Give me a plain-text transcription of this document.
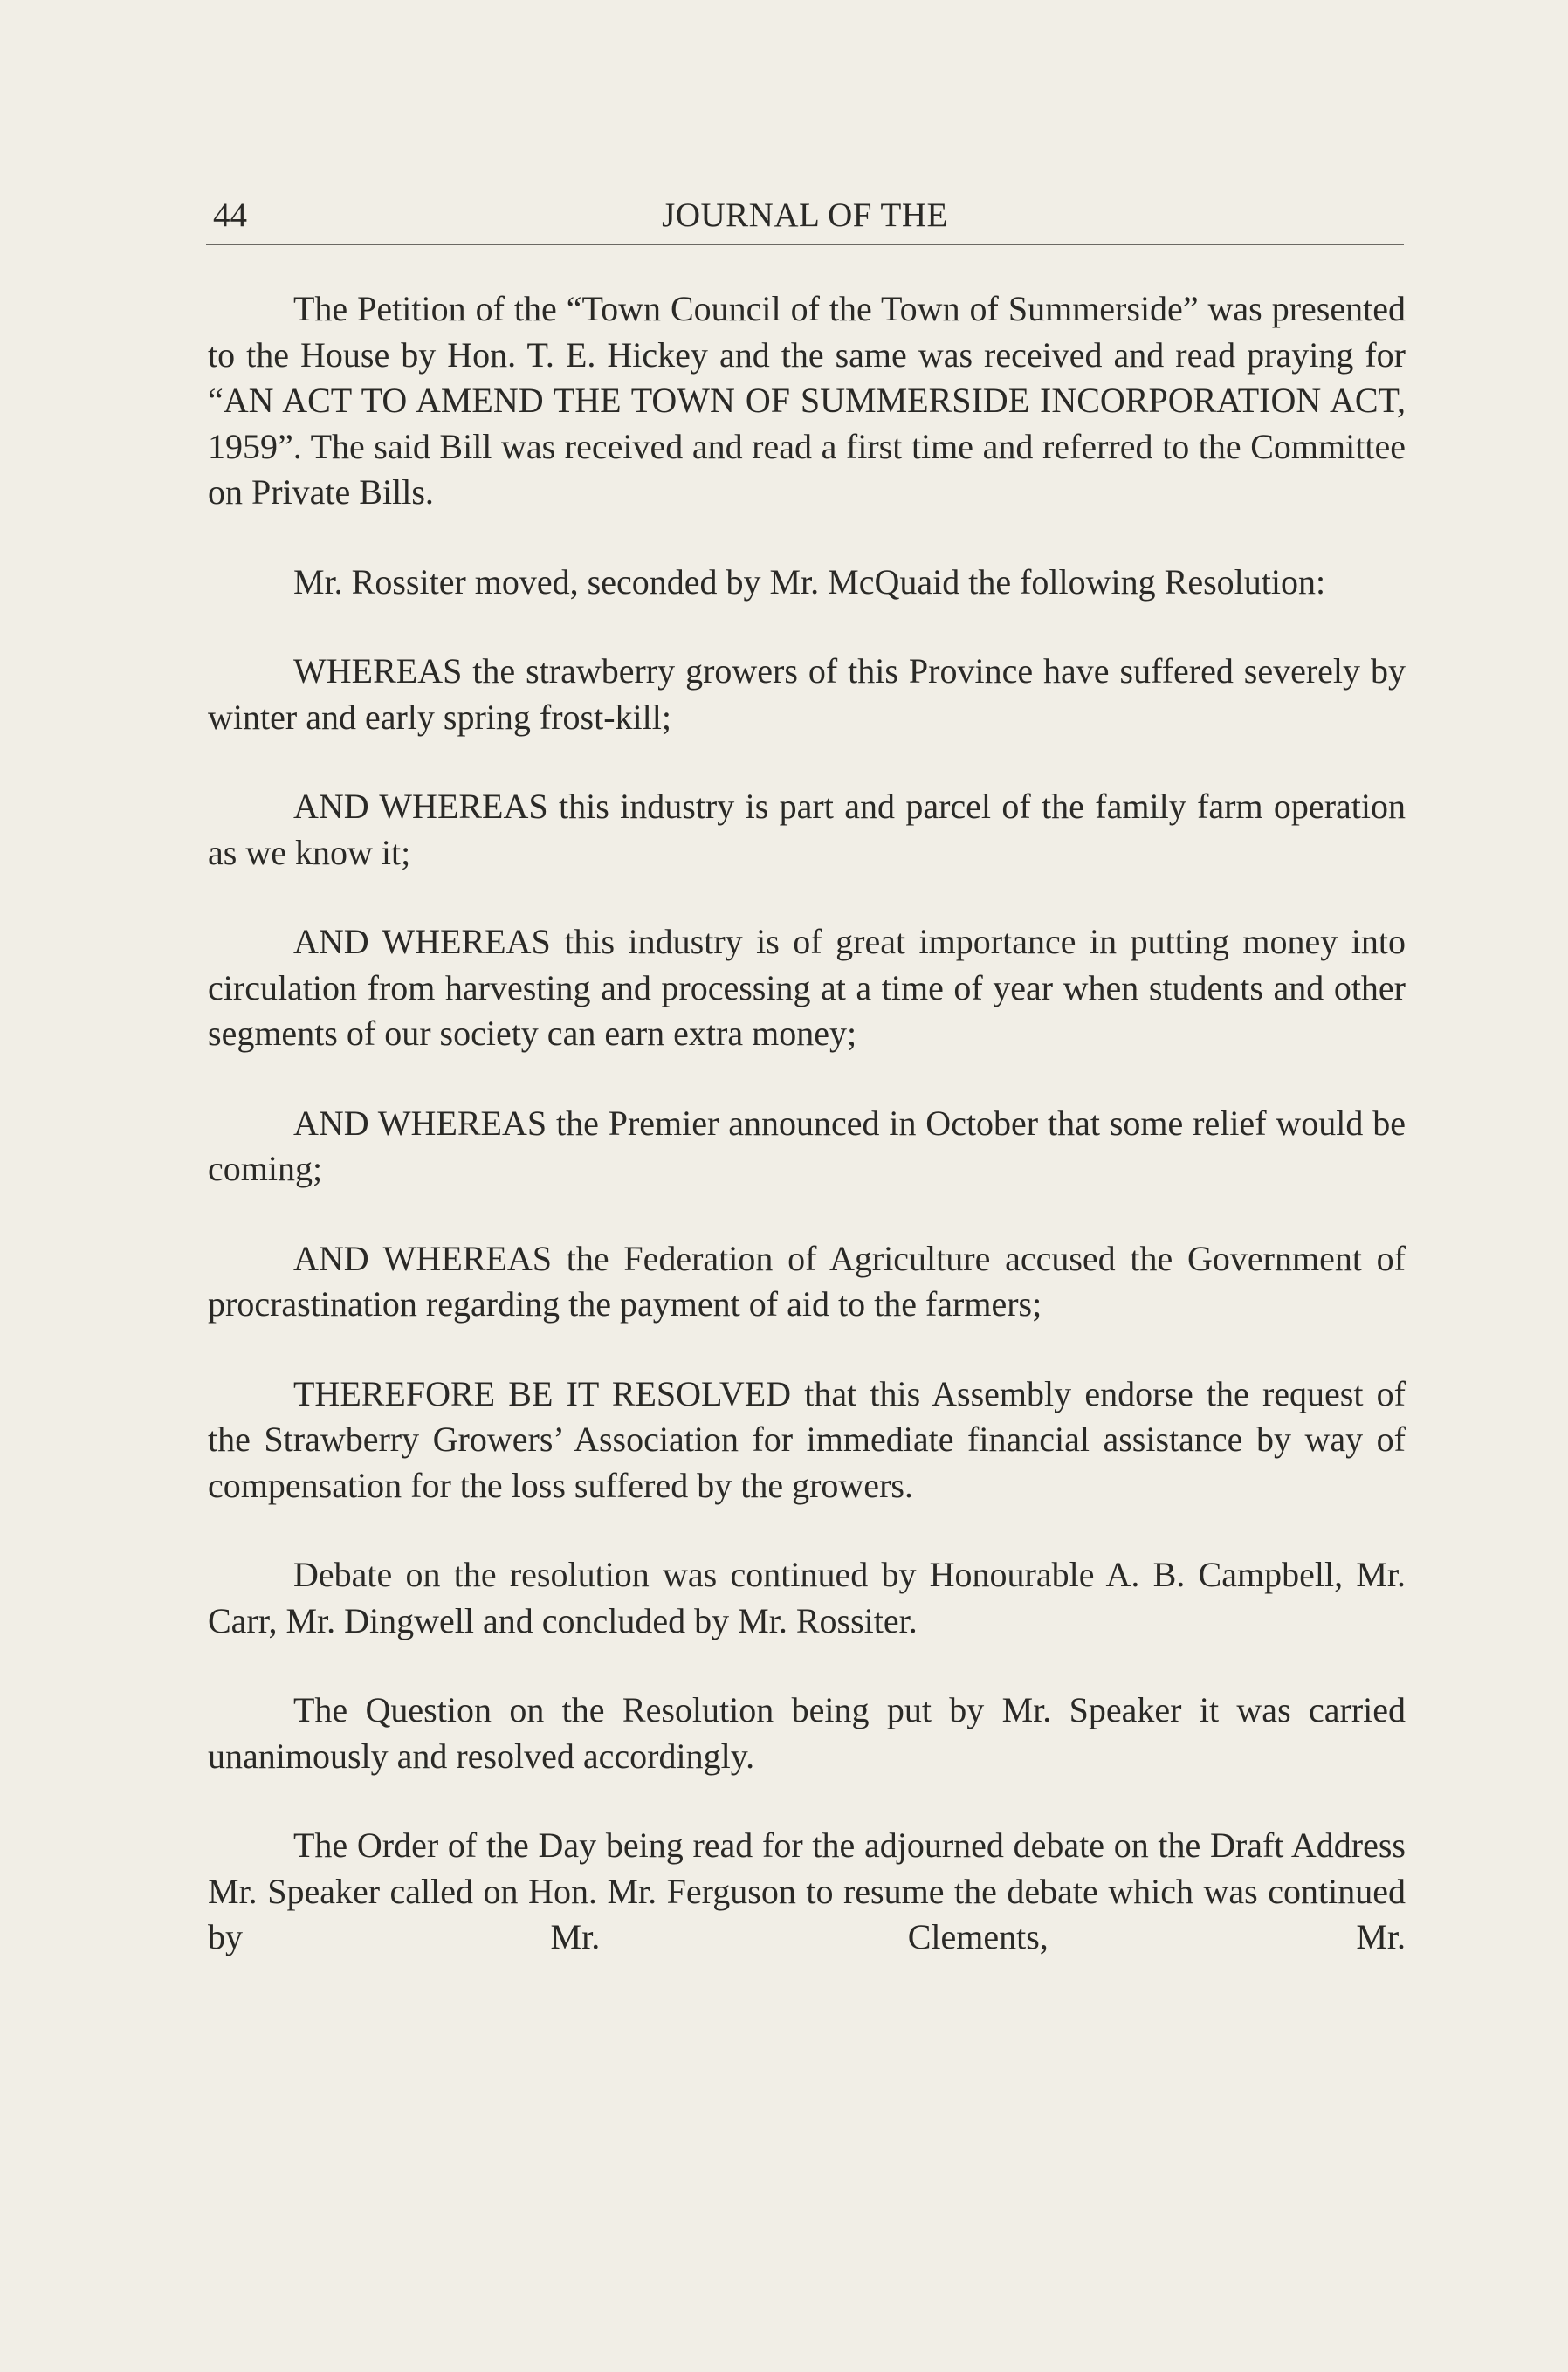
44	JOURNAL OF THE

The Petition of the “Town Council of the Town of Summerside” was presented to the House by Hon. T. E. Hickey and the same was received and read praying for “AN ACT TO AMEND THE TOWN OF SUMMERSIDE INCORPORATION ACT, 1959”. The said Bill was received and read a first time and referred to the Committee on Private Bills.

Mr. Rossiter moved, seconded by Mr. McQuaid the following Resolution:

WHEREAS the strawberry growers of this Province have suffered severely by winter and early spring frost-kill;

AND WHEREAS this industry is part and parcel of the family farm operation as we know it;

AND WHEREAS this industry is of great importance in putting money into circulation from harvesting and processing at a time of year when students and other segments of our society can earn extra money;

AND WHEREAS the Premier announced in October that some relief would be coming;

AND WHEREAS the Federation of Agriculture accused the Government of procrastination regarding the payment of aid to the farmers;

THEREFORE BE IT RESOLVED that this Assembly endorse the request of the Strawberry Growers’ Association for immediate financial assistance by way of compensation for the loss suffered by the growers.

Debate on the resolution was continued by Honourable A. B. Campbell, Mr. Carr, Mr. Dingwell and concluded by Mr. Rossiter.

The Question on the Resolution being put by Mr. Speaker it was carried unanimously and resolved accordingly.

The Order of the Day being read for the adjourned debate on the Draft Address Mr. Speaker called on Hon. Mr. Ferguson to resume the debate which was continued by Mr. Clements, Mr.
